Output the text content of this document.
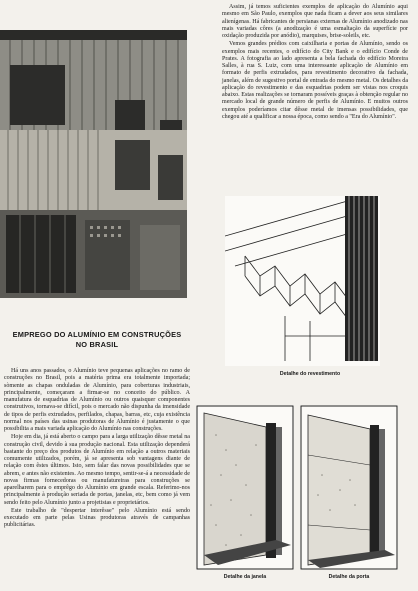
Assim, já temos suficientes exemplos de aplicação do Alumínio aqui mesmo em São Paulo, exemplos que nada ficam a dever aos seus similares alienígenas. Há fabricantes de persianas externas de Alumínio anodizado nas mais variadas côres (a anodização é uma esmaltação da superfície por oxidação produzida por anódio), marquises, brise-soleils, etc.

Vemos grandes prédios com caixilharia e portas de Alumínio, sendo os exemplos mais recentes, o edifício do City Bank e o edifício Conde de Prates. A fotografia ao lado apresenta a bela fachada do edifício Moreira Salles, à rua S. Luiz, com uma interessante aplicação de Alumínio em formato de perfis extrudados, para revestimento decorativo da fachada, janelas, além de sugestivo portal de entrada do mesmo metal. Os detalhes da aplicação do revestimento e das esquadrias podem ser vistas nos croquis abaixo. Estas realizações se tornaram possíveis graças à obtenção regular no mercado local de grande número de perfis de Alumínio. E muitos outros exemplos poderíamos citar dêsse metal de imensas possibilidades, que chegou até a qualificar a nossa época, como sendo a "Era do Alumínio".

Detalhe do revestimento
EMPREGO DO ALUMÍNIO EM CONSTRUÇÕES
NO BRASIL

Há uns anos passados, o Alumínio teve pequenas aplicações no ramo de construções no Brasil, pois a matéria prima era totalmente importada; sòmente as chapas onduladas de Alumínio, para coberturas industriais, principalmente, começaram a firmar-se no conceito do público. A manufatura de esquadrias de Alumínio ou outros quaisquer componentes construtivos, tornava-se difícil, pois o mercado não dispunha da imensidade de tipos de perfis extrudados, perfilados, chapas, barras, etc, cuja existência normal nos países das usinas produtoras de Alumínio é justamente o que possibilita a mais variada aplicação do Alumínio nas construções.

Hoje em dia, já está aberto o campo para a larga utilização dêsse metal na construção civil, devido à sua produção nacional. Esta utilização dependerá bastante do preço dos produtos de Alumínio em relação a outros materiais comumente utilizados, porém, já se apresenta sob vantagens diante de relação com êstes últimos. Isto, sem falar das novas possibilidades que se abrem, e antes não existentes. Ao mesmo tempo, sentir-se-á a necessidade de novas firmas fornecedoras ou manufatureiras para construções se aparelharem para o emprêgo do Alumínio em grande escala. Referimo-nos principalmente à produção seriada de portas, janelas, etc, bem como já vem sendo feito pelo Alumínio junto a projetistas e proprietários.

Este trabalho de "despertar interêsse" pelo Alumínio está sendo executado em parte pelas Usinas produtoras através de campanhas publicitárias.

Detalhe da janela	Detalhe da porta
